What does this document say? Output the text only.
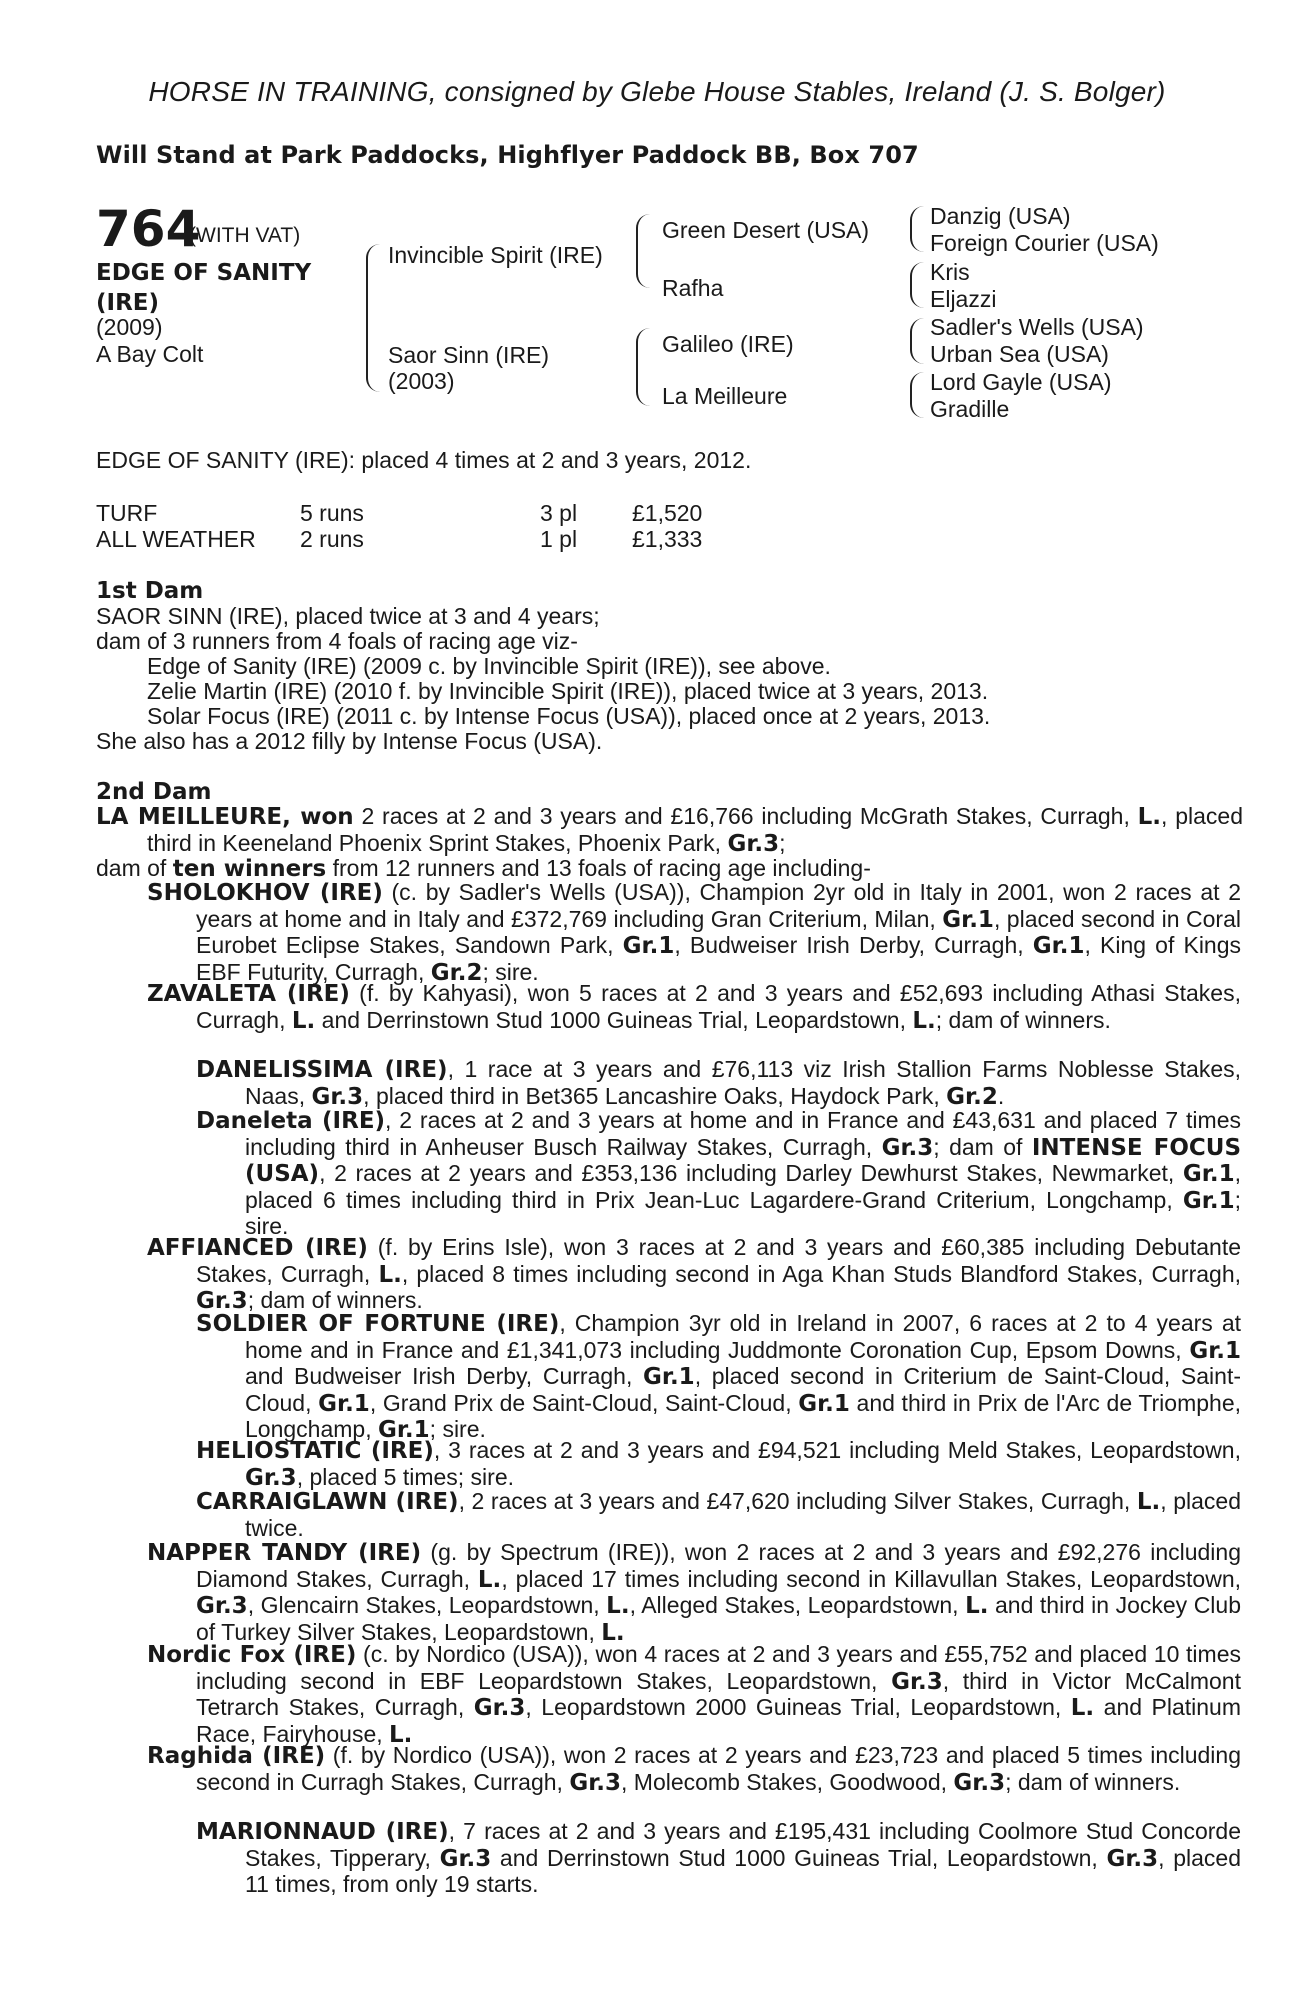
HORSE IN TRAINING, consigned by Glebe House Stables, Ireland (J. S. Bolger)
Will Stand at Park Paddocks, Highflyer Paddock BB, Box 707
764
(WITH VAT)
EDGE OF SANITY
(IRE)
(2009)
A Bay Colt
Invincible Spirit (IRE)
Saor Sinn (IRE)
(2003)
Green Desert (USA)
Rafha
Galileo (IRE)
La Meilleure
Danzig (USA)
Foreign Courier (USA)
Kris
Eljazzi
Sadler's Wells (USA)
Urban Sea (USA)
Lord Gayle (USA)
Gradille
EDGE OF SANITY (IRE): placed 4 times at 2 and 3 years, 2012.
TURF	5 runs	3 pl £1,520
ALL WEATHER 2 runs	1 pl £1,333
1st Dam
SAOR SINN (IRE), placed twice at 3 and 4 years;
dam of 3 runners from 4 foals of racing age viz-
Edge of Sanity (IRE) (2009 c. by Invincible Spirit (IRE)), see above.
Zelie Martin (IRE) (2010 f. by Invincible Spirit (IRE)), placed twice at 3 years, 2013.
Solar Focus (IRE) (2011 c. by Intense Focus (USA)), placed once at 2 years, 2013.
She also has a 2012 filly by Intense Focus (USA).
2nd Dam
LA MEILLEURE, won 2 races at 2 and 3 years and £16,766 including McGrath Stakes, Curragh, L., placed third in Keeneland Phoenix Sprint Stakes, Phoenix Park, Gr.3;
dam of ten winners from 12 runners and 13 foals of racing age including-
SHOLOKHOV (IRE) (c. by Sadler's Wells (USA)), Champion 2yr old in Italy in 2001, won 2 races at 2 years at home and in Italy and £372,769 including Gran Criterium, Milan, Gr.1, placed second in Coral Eurobet Eclipse Stakes, Sandown Park, Gr.1, Budweiser Irish Derby, Curragh, Gr.1, King of Kings EBF Futurity, Curragh, Gr.2; sire.
ZAVALETA (IRE) (f. by Kahyasi), won 5 races at 2 and 3 years and £52,693 including Athasi Stakes, Curragh, L. and Derrinstown Stud 1000 Guineas Trial, Leopardstown, L.; dam of winners.
DANELISSIMA (IRE), 1 race at 3 years and £76,113 viz Irish Stallion Farms Noblesse Stakes, Naas, Gr.3, placed third in Bet365 Lancashire Oaks, Haydock Park, Gr.2.
Daneleta (IRE), 2 races at 2 and 3 years at home and in France and £43,631 and placed 7 times including third in Anheuser Busch Railway Stakes, Curragh, Gr.3; dam of INTENSE FOCUS (USA), 2 races at 2 years and £353,136 including Darley Dewhurst Stakes, Newmarket, Gr.1, placed 6 times including third in Prix Jean-Luc Lagardere-Grand Criterium, Longchamp, Gr.1; sire.
AFFIANCED (IRE) (f. by Erins Isle), won 3 races at 2 and 3 years and £60,385 including Debutante Stakes, Curragh, L., placed 8 times including second in Aga Khan Studs Blandford Stakes, Curragh, Gr.3; dam of winners.
SOLDIER OF FORTUNE (IRE), Champion 3yr old in Ireland in 2007, 6 races at 2 to 4 years at home and in France and £1,341,073 including Juddmonte Coronation Cup, Epsom Downs, Gr.1 and Budweiser Irish Derby, Curragh, Gr.1, placed second in Criterium de Saint-Cloud, Saint-Cloud, Gr.1, Grand Prix de Saint-Cloud, Saint-Cloud, Gr.1 and third in Prix de l'Arc de Triomphe, Longchamp, Gr.1; sire.
HELIOSTATIC (IRE), 3 races at 2 and 3 years and £94,521 including Meld Stakes, Leopardstown, Gr.3, placed 5 times; sire.
CARRAIGLAWN (IRE), 2 races at 3 years and £47,620 including Silver Stakes, Curragh, L., placed twice.
NAPPER TANDY (IRE) (g. by Spectrum (IRE)), won 2 races at 2 and 3 years and £92,276 including Diamond Stakes, Curragh, L., placed 17 times including second in Killavullan Stakes, Leopardstown, Gr.3, Glencairn Stakes, Leopardstown, L., Alleged Stakes, Leopardstown, L. and third in Jockey Club of Turkey Silver Stakes, Leopardstown, L.
Nordic Fox (IRE) (c. by Nordico (USA)), won 4 races at 2 and 3 years and £55,752 and placed 10 times including second in EBF Leopardstown Stakes, Leopardstown, Gr.3, third in Victor McCalmont Tetrarch Stakes, Curragh, Gr.3, Leopardstown 2000 Guineas Trial, Leopardstown, L. and Platinum Race, Fairyhouse, L.
Raghida (IRE) (f. by Nordico (USA)), won 2 races at 2 years and £23,723 and placed 5 times including second in Curragh Stakes, Curragh, Gr.3, Molecomb Stakes, Goodwood, Gr.3; dam of winners.
MARIONNAUD (IRE), 7 races at 2 and 3 years and £195,431 including Coolmore Stud Concorde Stakes, Tipperary, Gr.3 and Derrinstown Stud 1000 Guineas Trial, Leopardstown, Gr.3, placed 11 times, from only 19 starts.
